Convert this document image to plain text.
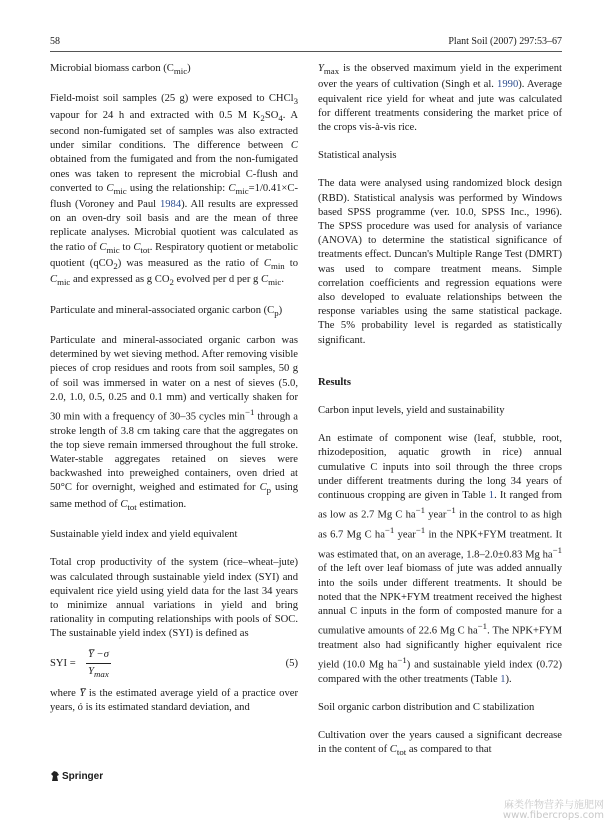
58	Plant Soil (2007) 297:53–67

Microbial biomass carbon $(C_{mic})$

Field-moist soil samples (25 g) were exposed to CHCl$_3$ vapour for 24 h and extracted with 0.5 M $K_2SO_4$. A second non-fumigated set of samples was also extracted under similar conditions. The difference between C obtained from the fumigated and from the non-fumigated ones was taken to represent the microbial C-flush and converted to $C_{mic}$ using the relationship: $C_{mic}=1/0.41\times C$-flush (Voroney and Paul 1984). All results are expressed on an oven-dry soil basis and are the mean of three replicate analyses. Microbial quotient was calculated as the ratio of $C_{mic}$ to $C_{tot}$. Respiratory quotient or metabolic quotient (qCO$_2$) was measured as the ratio of $C_{min}$ to $C_{mic}$ and expressed as g $CO_2$ evolved per d per g $C_{mic}$.

Particulate and mineral-associated organic carbon $(C_p)$

Particulate and mineral-associated organic carbon was determined by wet sieving method. After removing visible pieces of crop residues and roots from soil samples, 50 g of soil was immersed in water on a nest of sieves (5.0, 2.0, 1.0, 0.5, 0.25 and 0.1 mm) and vertically shaken for 30 min with a frequency of 30–35 cycles $\min^{-1}$ through a stroke length of 3.8 cm taking care that the aggregates on the top sieve remain immersed throughout the full stroke. Water-stable aggregates retained on sieves were backwashed into preweighed containers, oven dried at 50°C for overnight, weighed and estimated for $C_p$ using same method of $C_{tot}$ estimation.

Sustainable yield index and yield equivalent

Total crop productivity of the system (rice–wheat–jute) was calculated through sustainable yield index (SYI) and equivalent rice yield using yield data for the last 34 years to minimize annual variations in yield and bring rationality in computing relationships with pools of SOC. The sustainable yield index (SYI) is defined as

SYI = $\frac{Y̅ -\sigma}{Y_{max}}$	(5)

where Y̅ is the estimated average yield of a practice over years, ó is its estimated standard deviation, and

$Y_{max}$ is the observed maximum yield in the experiment over the years of cultivation (Singh et al. 1990). Average equivalent rice yield for wheat and jute was calculated for different treatments considering the market price of the crops vis-à-vis rice.

Statistical analysis

The data were analysed using randomized block design (RBD). Statistical analysis was performed by Windows based SPSS programme (ver. 10.0, SPSS Inc., 1996). The SPSS procedure was used for analysis of variance (ANOVA) to determine the statistical significance of treatments effect. Duncan's Multiple Range Test (DMRT) was used to compare treatment means. Simple correlation coefficients and regression equations were also developed to evaluate relationships between the response variables using the same statistical package. The 5% probability level is regarded as statistically significant.

Results

Carbon input levels, yield and sustainability

An estimate of component wise (leaf, stubble, root, rhizodeposition, aquatic growth in rice) annual cumulative C inputs into soil through the three crops under different treatments during the long 34 years of continuous cropping are given in Table 1. It ranged from as low as 2.7 Mg C $ha^{-1}$ year$^{-1}$ in the control to as high as 6.7 Mg C $ha^{-1}$ year$^{-1}$ in the NPK+FYM treatment. It was estimated that, on an average, 1.8–2.0±0.83 Mg $ha^{-1}$ of the left over leaf biomass of jute was added annually into the soils under different treatments. It should be noted that the NPK+FYM treatment received the highest annual C inputs in the form of composted manure for a cumulative amounts of 22.6 Mg C $ha^{-1}$. The NPK+FYM treatment also had significantly higher equivalent rice yield (10.0 Mg $ha^{-1}$) and sustainable yield index (0.72) compared with the other treatments (Table 1).

Soil organic carbon distribution and C stabilization

Cultivation over the years caused a significant decrease in the content of $C_{tot}$ as compared to that

Springer
麻类作物营养与施肥网
www.fibercrops.com
